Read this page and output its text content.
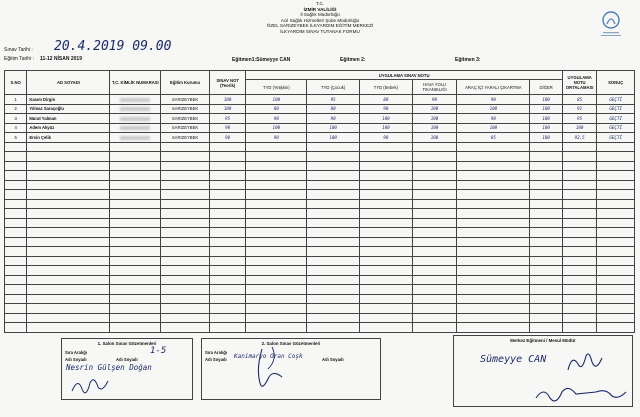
T.C.
İZMİR VALİLİĞİ
İl Sağlık Müdürlüğü
Acil Sağlık Hizmetleri Şube Müdürlüğü
ÖZEL SARIZEYBEK İLKYARDIM EĞİTİM MERKEZİ
İLKYARDIM SINAV TUTANAK FORMU
Sınav Tarihi : 20.4.2019 09.00
Eğitim Tarihi : 11-12 NİSAN 2019	Eğitmen1:Sümeyye CAN	Eğitmen 2:	Eğitmen 3:
S.NO	AD SOYADI	T.C. KİMLİK NUMARASI	Eğitim Kurumu	SINAV NOT (Teorik)	UYGULAMA SINAV NOTU						UYGULAMA NOTU ORTALAMASI	SONUÇ
					TYD (Yetişkin)	TYD (Çocuk)	TYD (Bebek)	HAVA YOLU TIKANIKLIĞI	ARAÇ İÇİ YARALI ÇIKARTMA	DİĞER		
1	Kasım Dirgin		SARIZEYBEK	100	100	95	80	90	90	100	85	GEÇTİ
2	Yılmaz Saraçoğlu		SARIZEYBEK	100	80	80	90	100	100	100	91	GEÇTİ
3	Murat Yalman		SARIZEYBEK	95	90	90	100	100	90	100	95	GEÇTİ
4	Adem Akyüz		SARIZEYBEK	90	100	100	100	100	100	100	100	GEÇTİ
5	Ersin Çelik		SARIZEYBEK	90	90	100	90	100	85	100	92,5	GEÇTİ

1. Salon Sınav Gözetmenleri
Sıra Aralığı	1-5
Adı Soyadı	Adı Soyadı
Nesrin Gülşen Doğan
2. Salon Sınav Gözetmenleri
Sıra Aralığı
Adı Soyadı	Adı Soyadı
Kanimaryo Oran Coşk
Merkez Eğitmeni / Mesul Müdür
Sümeyye CAN
